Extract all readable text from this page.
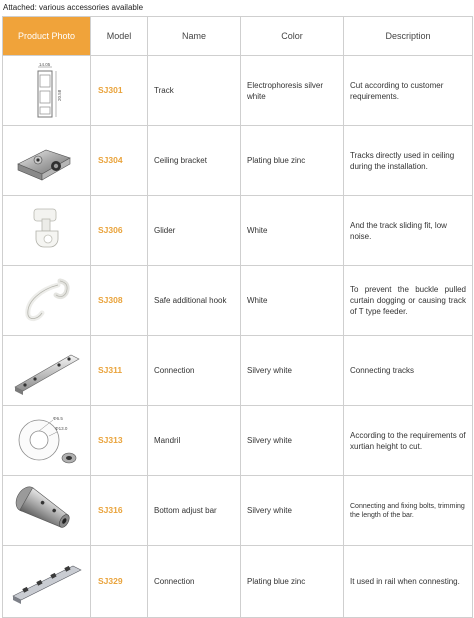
Attached: various accessories available
Product Photo	Model	Name	Color	Description

14.05
20.58	SJ301	Track	Electrophoresis silver white	Cut according to customer requirements.

	SJ304	Ceiling bracket	Plating blue zinc	Tracks directly used in ceiling during the installation.

	SJ306	Glider	White	And the track sliding fit, low noise.

	SJ308	Safe additional hook	White	To prevent the buckle pulled curtain dogging or causing track of T type feeder.

	SJ311	Connection	Silvery white	Connecting tracks

Φ6.5
Φ13.0	SJ313	Mandril	Silvery white	According to the requirements of xurtian height to cut.

	SJ316	Bottom adjust bar	Silvery white	Connecting and fixing bolts, trimming the length of the bar.

	SJ329	Connection	Plating blue zinc	It used in rail when connesting.
